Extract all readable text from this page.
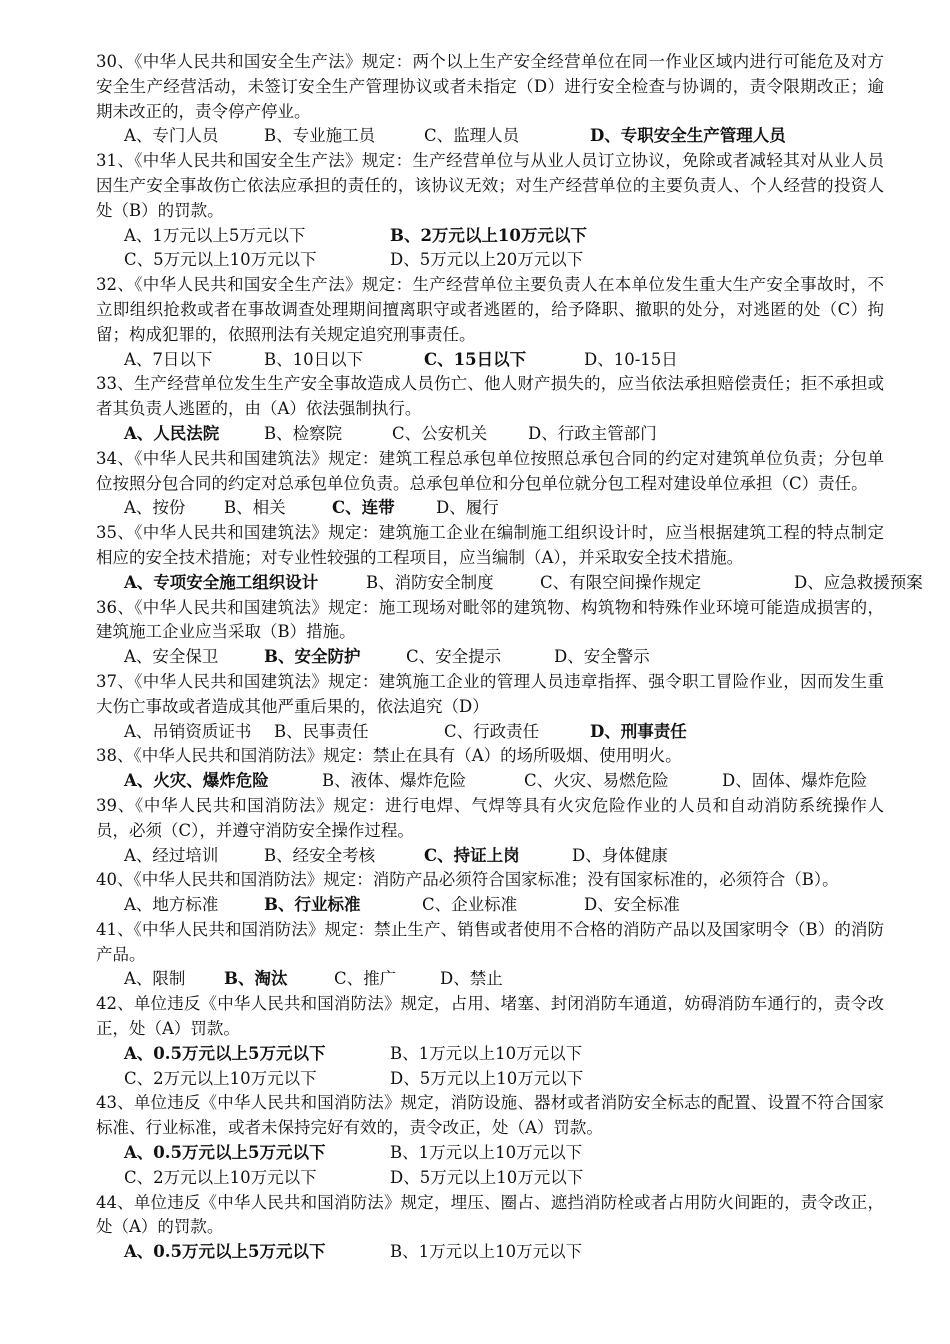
30、《中华人民共和国安全生产法》规定：两个以上生产安全经营单位在同一作业区域内进行可能危及对方安全生产经营活动，未签订安全生产管理协议或者未指定（D）进行安全检查与协调的，责令限期改正；逾期未改正的，责令停产停业。
A、专门人员	B、专业施工员	C、监理人员	D、专职安全生产管理人员
31、《中华人民共和国安全生产法》规定：生产经营单位与从业人员订立协议，免除或者减轻其对从业人员因生产安全事故伤亡依法应承担的责任的，该协议无效；对生产经营单位的主要负责人、个人经营的投资人处（B）的罚款。
A、1万元以上5万元以下	B、2万元以上10万元以下
C、5万元以上10万元以下	D、5万元以上20万元以下
32、《中华人民共和国安全生产法》规定：生产经营单位主要负责人在本单位发生重大生产安全事故时，不立即组织抢救或者在事故调查处理期间擅离职守或者逃匿的，给予降职、撤职的处分，对逃匿的处（C）拘留；构成犯罪的，依照刑法有关规定追究刑事责任。
A、7日以下	B、10日以下	C、15日以下	D、10-15日
33、生产经营单位发生生产安全事故造成人员伤亡、他人财产损失的，应当依法承担赔偿责任；拒不承担或者其负责人逃匿的，由（A）依法强制执行。
A、人民法院	B、检察院	C、公安机关 D、行政主管部门
34、《中华人民共和国建筑法》规定：建筑工程总承包单位按照总承包合同的约定对建筑单位负责；分包单位按照分包合同的约定对总承包单位负责。总承包单位和分包单位就分包工程对建设单位承担（C）责任。
A、按份 B、相关	C、连带	D、履行
35、《中华人民共和国建筑法》规定：建筑施工企业在编制施工组织设计时，应当根据建筑工程的特点制定相应的安全技术措施；对专业性较强的工程项目，应当编制（A），并采取安全技术措施。
A、专项安全施工组织设计	B、消防安全制度	C、有限空间操作规定	D、应急救援预案
36、《中华人民共和国建筑法》规定：施工现场对毗邻的建筑物、构筑物和特殊作业环境可能造成损害的，建筑施工企业应当采取（B）措施。
A、安全保卫	B、安全防护	C、安全提示	D、安全警示
37、《中华人民共和国建筑法》规定：建筑施工企业的管理人员违章指挥、强令职工冒险作业，因而发生重大伤亡事故或者造成其他严重后果的，依法追究（D）
A、吊销资质证书 B、民事责任	C、行政责任	D、刑事责任
38、《中华人民共和国消防法》规定：禁止在具有（A）的场所吸烟、使用明火。
A、火灾、爆炸危险	B、液体、爆炸危险	C、火灾、易燃危险	D、固体、爆炸危险
39、《中华人民共和国消防法》规定：进行电焊、气焊等具有火灾危险作业的人员和自动消防系统操作人员，必须（C），并遵守消防安全操作过程。
A、经过培训	B、经安全考核	C、持证上岗	D、身体健康
40、《中华人民共和国消防法》规定：消防产品必须符合国家标准；没有国家标准的，必须符合（B）。
A、地方标准	B、行业标准	C、企业标准	D、安全标准
41、《中华人民共和国消防法》规定：禁止生产、销售或者使用不合格的消防产品以及国家明令（B）的消防产品。
A、限制 B、淘汰	C、推广	D、禁止
42、单位违反《中华人民共和国消防法》规定，占用、堵塞、封闭消防车通道，妨碍消防车通行的，责令改正，处（A）罚款。
A、0.5万元以上5万元以下	B、1万元以上10万元以下
C、2万元以上10万元以下	D、5万元以上10万元以下
43、单位违反《中华人民共和国消防法》规定，消防设施、器材或者消防安全标志的配置、设置不符合国家标准、行业标准，或者未保持完好有效的，责令改正，处（A）罚款。
A、0.5万元以上5万元以下	B、1万元以上10万元以下
C、2万元以上10万元以下	D、5万元以上10万元以下
44、单位违反《中华人民共和国消防法》规定，埋压、圈占、遮挡消防栓或者占用防火间距的，责令改正，处（A）的罚款。
A、0.5万元以上5万元以下	B、1万元以上10万元以下
